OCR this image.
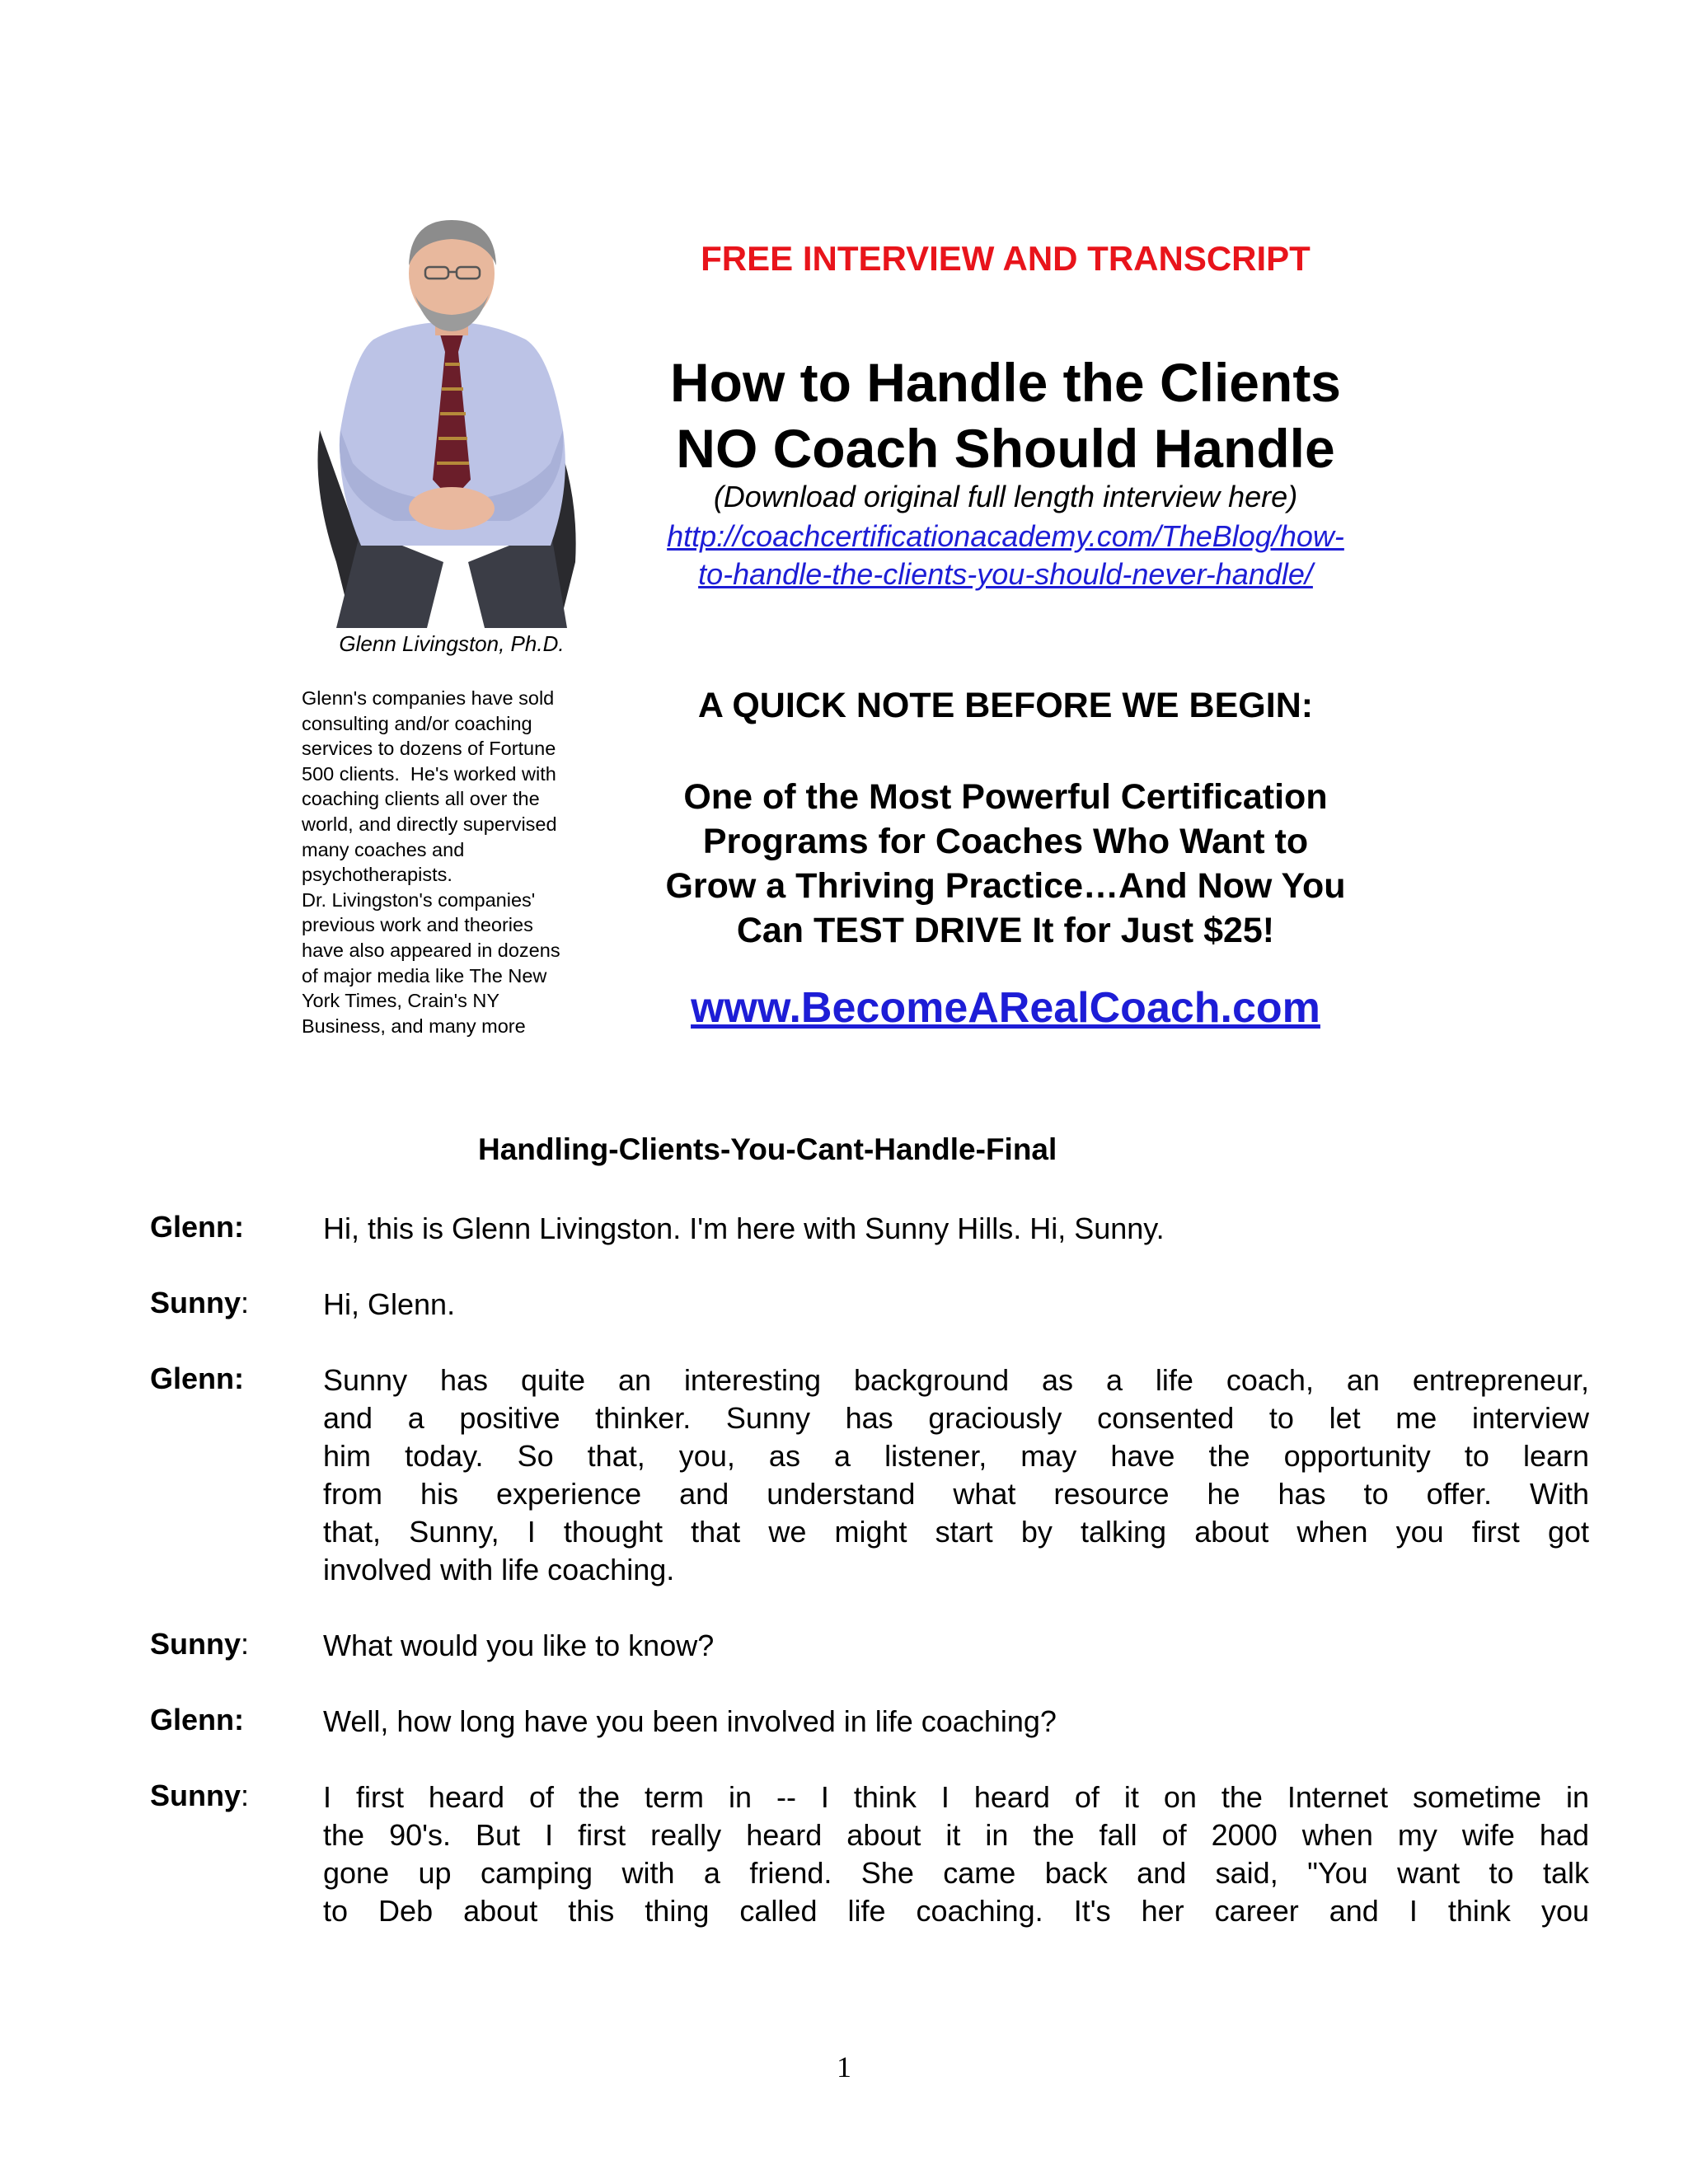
Glenn Livingston, Ph.D.
Glenn's companies have sold
consulting and/or coaching
services to dozens of Fortune
500 clients.  He's worked with
coaching clients all over the
world, and directly supervised
many coaches and
psychotherapists.
Dr. Livingston's companies'
previous work and theories
have also appeared in dozens
of major media like The New
York Times, Crain's NY
Business, and many more
FREE INTERVIEW AND TRANSCRIPT
How to Handle the Clients
NO Coach Should Handle
(Download original full length interview here)
http://coachcertificationacademy.com/TheBlog/how-
to-handle-the-clients-you-should-never-handle/
A QUICK NOTE BEFORE WE BEGIN:
One of the Most Powerful Certification
Programs for Coaches Who Want to
Grow a Thriving Practice…And Now You
Can TEST DRIVE It for Just $25!
www.BecomeARealCoach.com
Handling-Clients-You-Cant-Handle-Final
Glenn:	Hi, this is Glenn Livingston. I'm here with Sunny Hills. Hi, Sunny.
Sunny: Hi, Glenn.
Glenn:	Sunny has quite an interesting background as a life coach, an entrepreneur,
and a positive thinker. Sunny has graciously consented to let me interview
him today. So that, you, as a listener, may have the opportunity to learn
from his experience and understand what resource he has to offer. With
that, Sunny, I thought that we might start by talking about when you first got
involved with life coaching.
Sunny: What would you like to know?
Glenn:	Well, how long have you been involved in life coaching?
Sunny: I first heard of the term in -- I think I heard of it on the Internet sometime in
the 90's. But I first really heard about it in the fall of 2000 when my wife had
gone up camping with a friend. She came back and said, "You want to talk
to Deb about this thing called life coaching. It's her career and I think you
1
